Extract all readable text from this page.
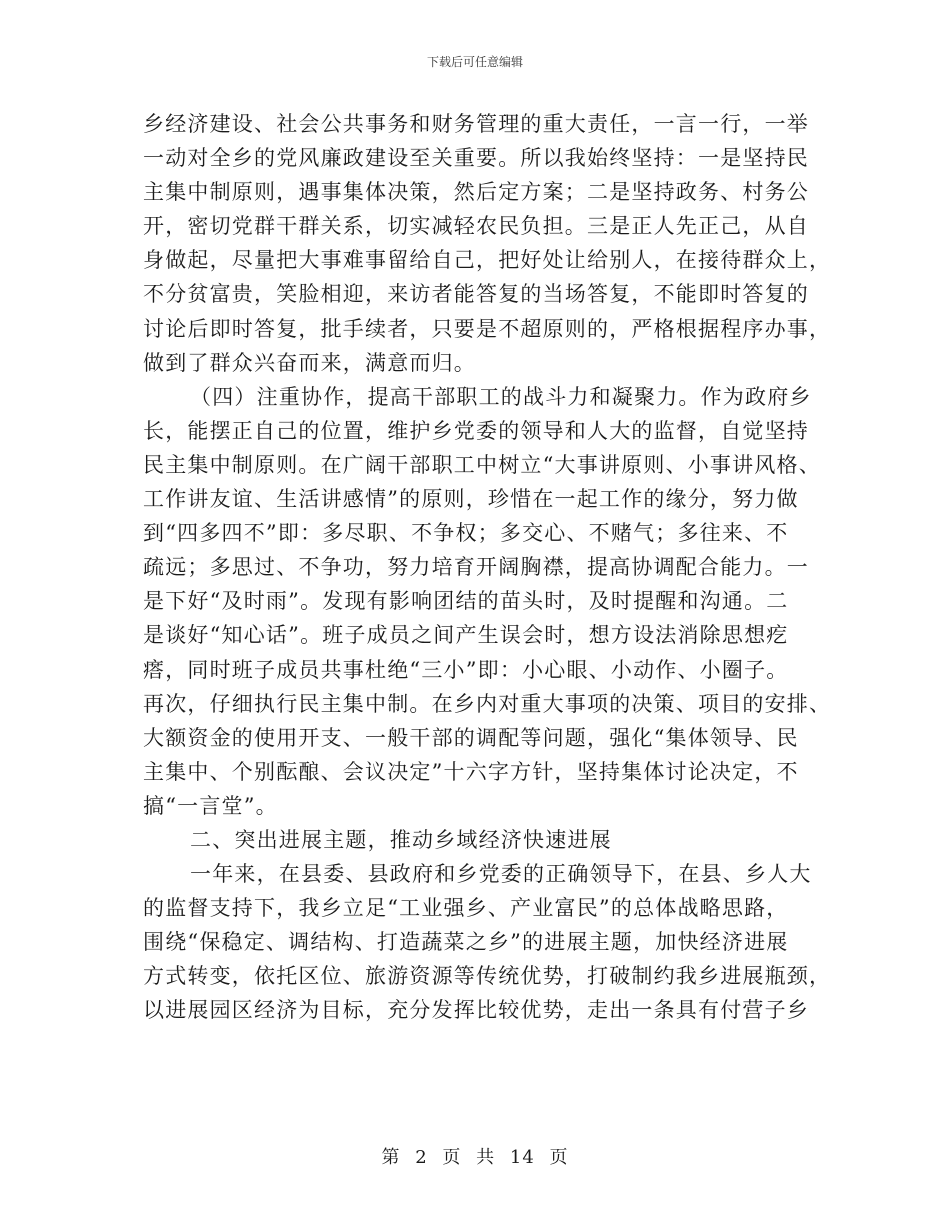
下载后可任意编辑

乡经济建设、社会公共事务和财务管理的重大责任，一言一行，一举
一动对全乡的党风廉政建设至关重要。所以我始终坚持：一是坚持民
主集中制原则，遇事集体决策，然后定方案；二是坚持政务、村务公
开，密切党群干群关系，切实减轻农民负担。三是正人先正己，从自
身做起，尽量把大事难事留给自己，把好处让给别人，在接待群众上，
不分贫富贵，笑脸相迎，来访者能答复的当场答复，不能即时答复的
讨论后即时答复，批手续者，只要是不超原则的，严格根据程序办事，
做到了群众兴奋而来，满意而归。

（四）注重协作，提高干部职工的战斗力和凝聚力。作为政府乡
长，能摆正自己的位置，维护乡党委的领导和人大的监督，自觉坚持
民主集中制原则。在广阔干部职工中树立“大事讲原则、小事讲风格、
工作讲友谊、生活讲感情”的原则，珍惜在一起工作的缘分，努力做
到“四多四不”即：多尽职、不争权；多交心、不赌气；多往来、不
疏远；多思过、不争功，努力培育开阔胸襟，提高协调配合能力。一
是下好“及时雨”。发现有影响团结的苗头时，及时提醒和沟通。二
是谈好“知心话”。班子成员之间产生误会时，想方设法消除思想疙
瘩，同时班子成员共事杜绝“三小”即：小心眼、小动作、小圈子。
再次，仔细执行民主集中制。在乡内对重大事项的决策、项目的安排、
大额资金的使用开支、一般干部的调配等问题，强化“集体领导、民
主集中、个别酝酿、会议决定”十六字方针，坚持集体讨论决定，不
搞“一言堂”。

二、突出进展主题，推动乡域经济快速进展

一年来，在县委、县政府和乡党委的正确领导下，在县、乡人大
的监督支持下，我乡立足“工业强乡、产业富民”的总体战略思路，
围绕“保稳定、调结构、打造蔬菜之乡”的进展主题，加快经济进展
方式转变，依托区位、旅游资源等传统优势，打破制约我乡进展瓶颈，
以进展园区经济为目标，充分发挥比较优势，走出一条具有付营子乡

第 2 页 共 14 页
